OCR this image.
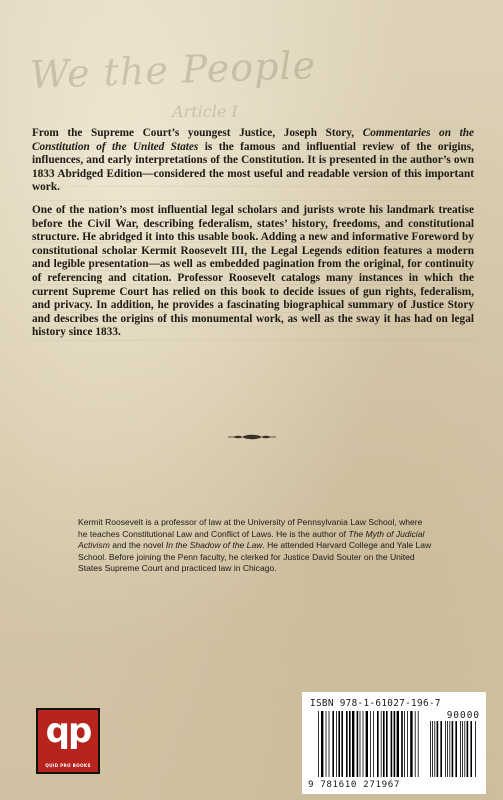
We the People
Article I

From the Supreme Court’s youngest Justice, Joseph Story, Commentaries on the Constitution of the United States is the famous and influential review of the origins, influences, and early interpretations of the Constitution. It is presented in the author’s own 1833 Abridged Edition—considered the most useful and readable version of this important work.

One of the nation’s most influential legal scholars and jurists wrote his landmark treatise before the Civil War, describing federalism, states’ history, freedoms, and constitutional structure. He abridged it into this usable book. Adding a new and informative Foreword by constitutional scholar Kermit Roosevelt III, the Legal Legends edition features a modern and legible presentation—as well as embedded pagination from the original, for continuity of referencing and citation. Professor Roosevelt catalogs many instances in which the current Supreme Court has relied on this book to decide issues of gun rights, federalism, and privacy. In addition, he provides a fascinating biographical summary of Justice Story and describes the origins of this monumental work, as well as the sway it has had on legal history since 1833.

Kermit Roosevelt is a professor of law at the University of Pennsylvania Law School, where he teaches Constitutional Law and Conflict of Laws. He is the author of The Myth of Judicial Activism and the novel In the Shadow of the Law. He attended Harvard College and Yale Law School. Before joining the Penn faculty, he clerked for Justice David Souter on the United States Supreme Court and practiced law in Chicago.
qp
QUID PRO BOOKS
ISBN 978-1-61027-196-7
90000
9 781610 271967
